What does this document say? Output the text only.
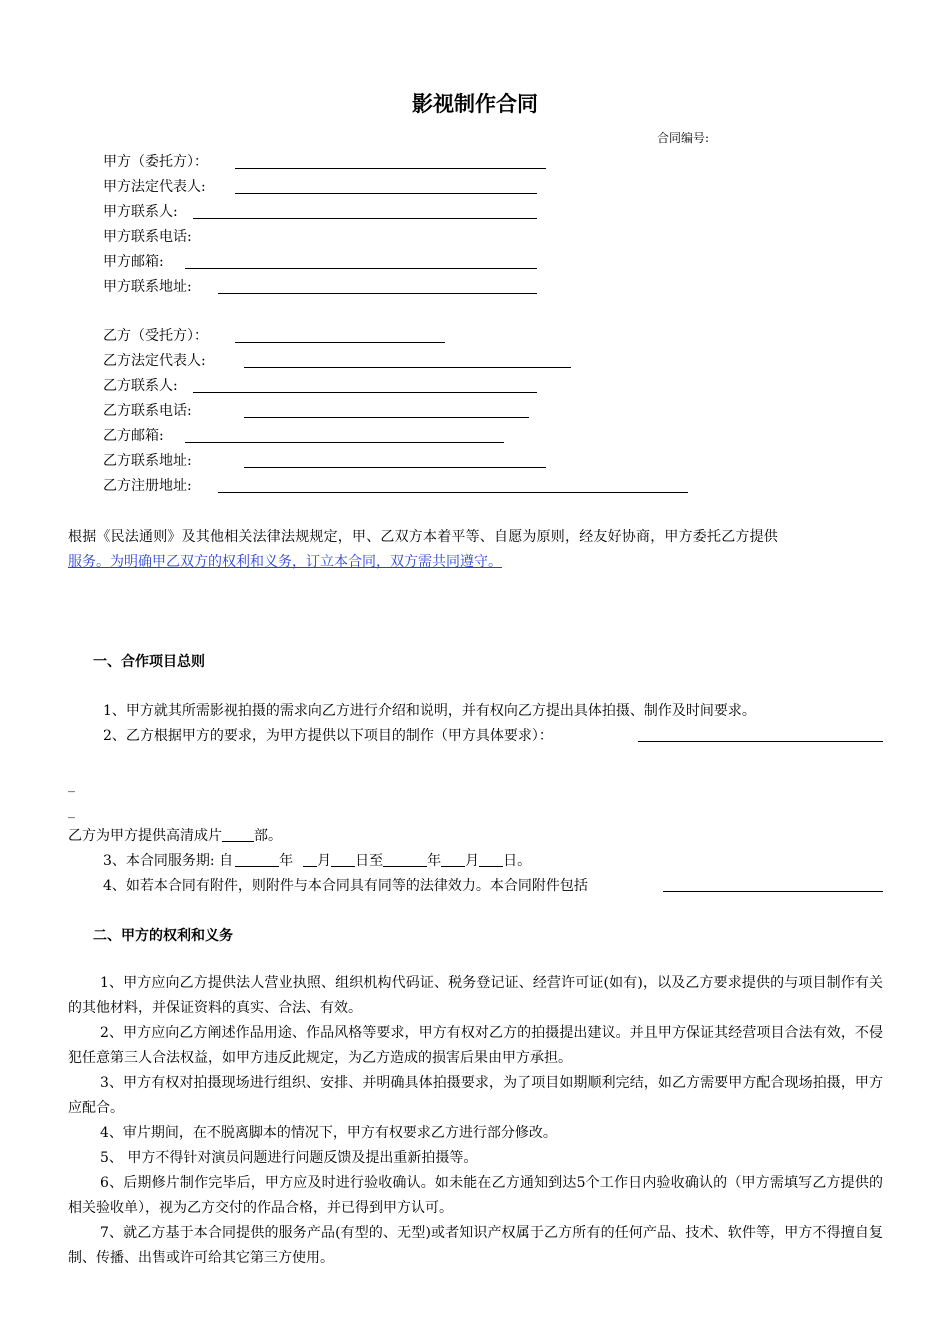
影视制作合同
合同编号:
甲方（委托方）：
甲方法定代表人:
甲方联系人:
甲方联系电话:
甲方邮箱:
甲方联系地址:
乙方（受托方）：
乙方法定代表人:
乙方联系人:
乙方联系电话:
乙方邮箱:
乙方联系地址:
乙方注册地址:
根据《民法通则》及其他相关法律法规规定，甲、乙双方本着平等、自愿为原则，经友好协商，甲方委托乙方提供
服务。为明确甲乙双方的权利和义务，订立本合同，双方需共同遵守。
一、合作项目总则
1、甲方就其所需影视拍摄的需求向乙方进行介绍和说明，并有权向乙方提出具体拍摄、制作及时间要求。
2、乙方根据甲方的要求，为甲方提供以下项目的制作（甲方具体要求）：
_
_
乙方为甲方提供高清成片 部。
3、本合同服务期: 自	年 月 日至	年 月 日。
4、如若本合同有附件，则附件与本合同具有同等的法律效力。本合同附件包括
二、甲方的权利和义务
1、甲方应向乙方提供法人营业执照、组织机构代码证、税务登记证、经营许可证(如有)，以及乙方要求提供的与项目制作有关的其他材料，并保证资料的真实、合法、有效。
2、甲方应向乙方阐述作品用途、作品风格等要求，甲方有权对乙方的拍摄提出建议。并且甲方保证其经营项目合法有效，不侵犯任意第三人合法权益，如甲方违反此规定，为乙方造成的损害后果由甲方承担。
3、甲方有权对拍摄现场进行组织、安排、并明确具体拍摄要求，为了项目如期顺利完结，如乙方需要甲方配合现场拍摄，甲方应配合。
4、审片期间，在不脱离脚本的情况下，甲方有权要求乙方进行部分修改。
5、 甲方不得针对演员问题进行问题反馈及提出重新拍摄等。
6、后期修片制作完毕后，甲方应及时进行验收确认。如未能在乙方通知到达5个工作日内验收确认的（甲方需填写乙方提供的相关验收单），视为乙方交付的作品合格，并已得到甲方认可。
7、就乙方基于本合同提供的服务产品(有型的、无型)或者知识产权属于乙方所有的任何产品、技术、软件等，甲方不得擅自复制、传播、出售或许可给其它第三方使用。
